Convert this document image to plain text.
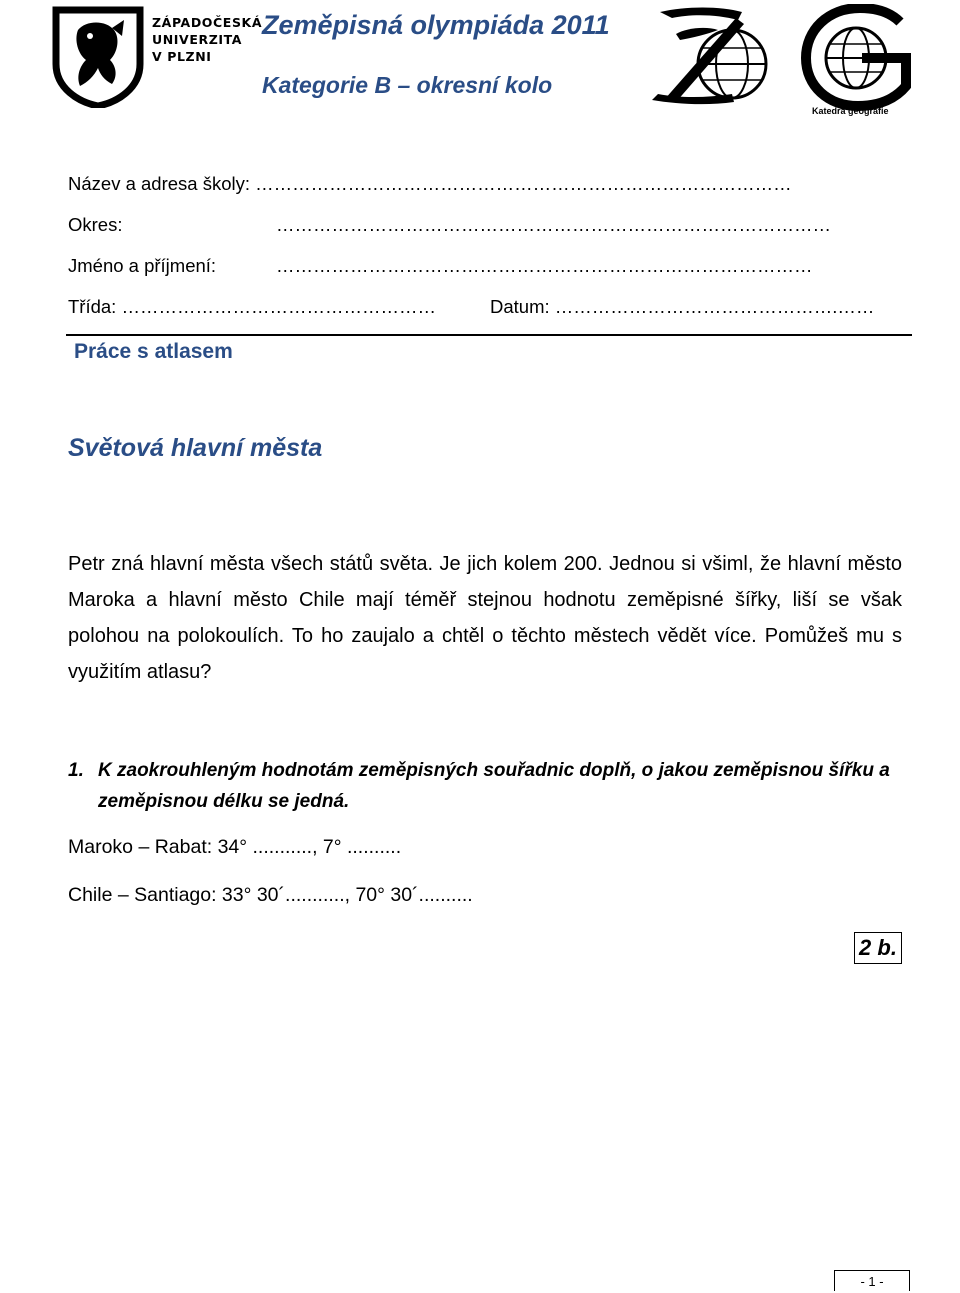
ZÁPADOČESKÁ
UNIVERZITA
V PLZNI
Zeměpisná olympiáda 2011
Kategorie B – okresní kolo
Katedra geografie
Název a adresa školy: ……………………………………………………………………………
Okres:	………………………………………………………………………………
Jméno a příjmení:	……………………………………………………………………………
Třída: ……………………………………………	Datum: ……………………………………….……
Práce s atlasem
Světová hlavní města
Petr zná hlavní města všech států světa. Je jich kolem 200. Jednou si všiml, že hlavní město Maroka a hlavní město Chile mají téměř stejnou hodnotu zeměpisné šířky, liší se však polohou na polokoulích. To ho zaujalo a chtěl o těchto městech vědět více. Pomůžeš mu s využitím atlasu?
1. K zaokrouhleným hodnotám zeměpisných souřadnic doplň, o jakou zeměpisnou šířku a zeměpisnou délku se jedná.
Maroko – Rabat: 34° ..........., 7° ..........
Chile – Santiago: 33° 30´..........., 70° 30´..........
2 b.
- 1 -
